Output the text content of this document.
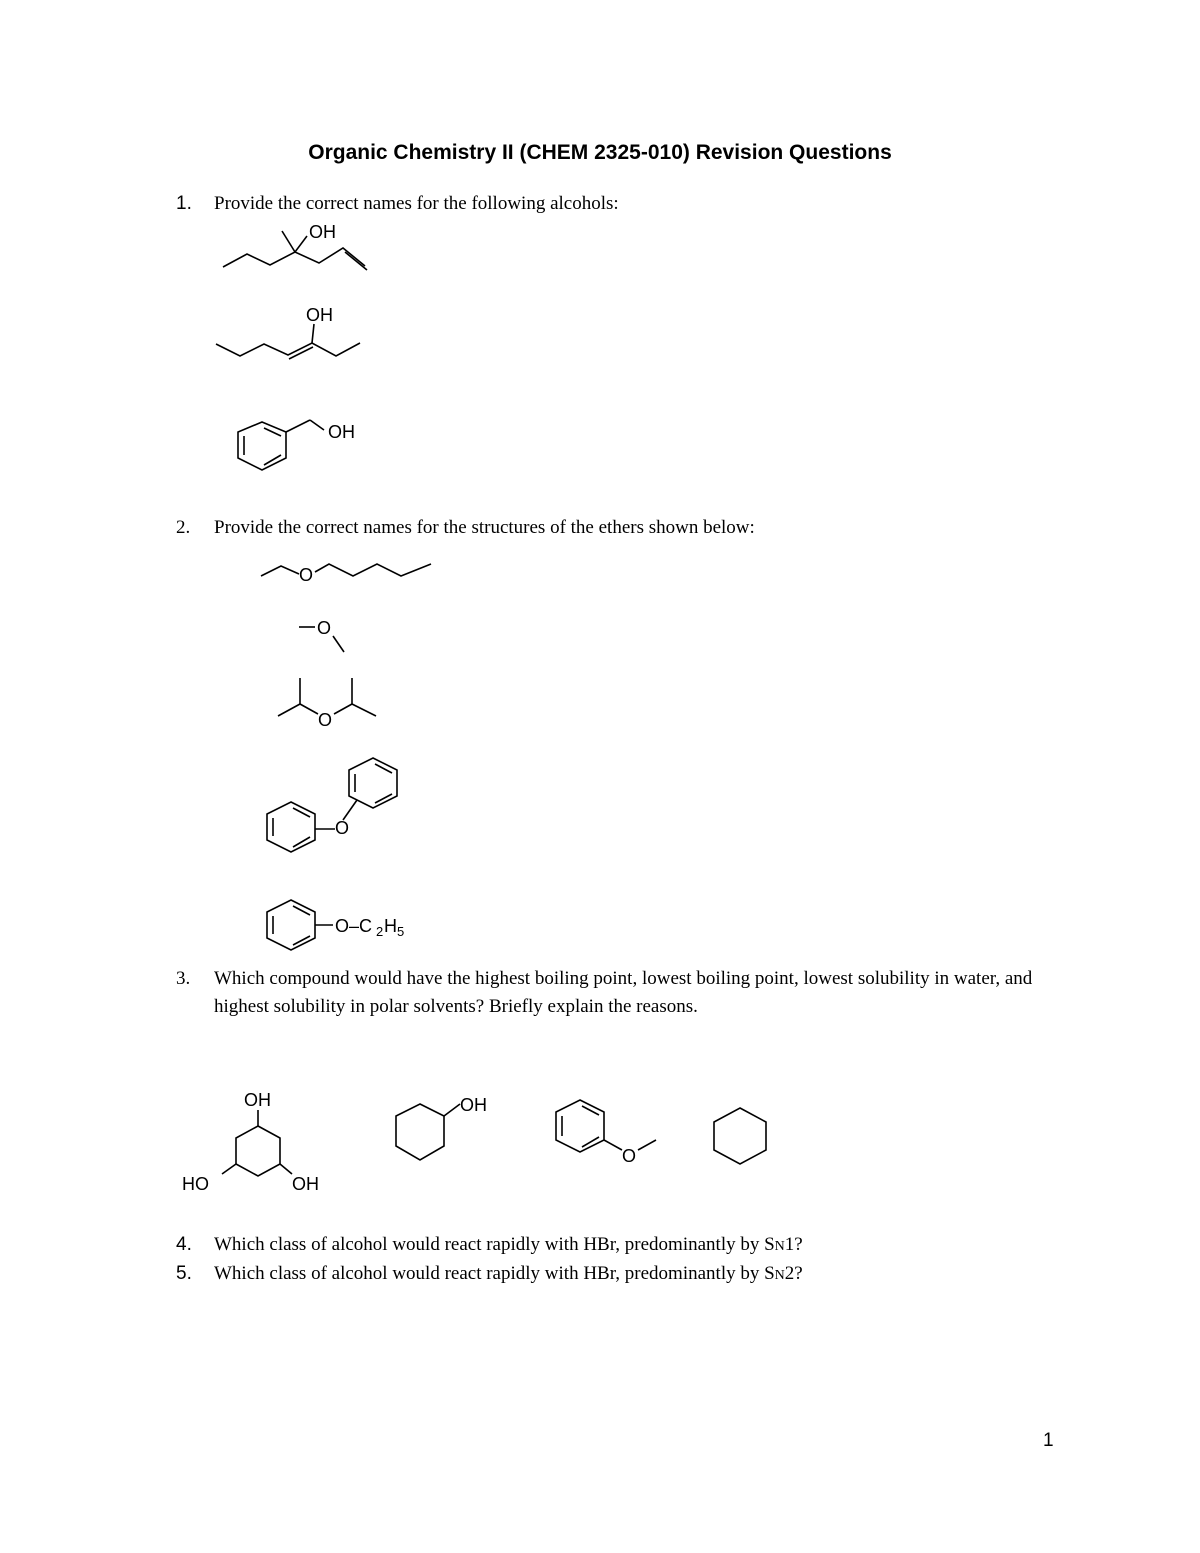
Organic Chemistry II (CHEM 2325-010) Revision Questions
1. Provide the correct names for the following alcohols:
OH
OH
OH
2. Provide the correct names for the structures of the ethers shown below:
O
O
O
O
O–C 2 H 5
3. Which compound would have the highest boiling point, lowest boiling point, lowest solubility in water, and highest solubility in polar solvents? Briefly explain the reasons.
OH
HO	OH
OH
O
4. Which class of alcohol would react rapidly with HBr, predominantly by SN1?
5. Which class of alcohol would react rapidly with HBr, predominantly by SN2?
1
